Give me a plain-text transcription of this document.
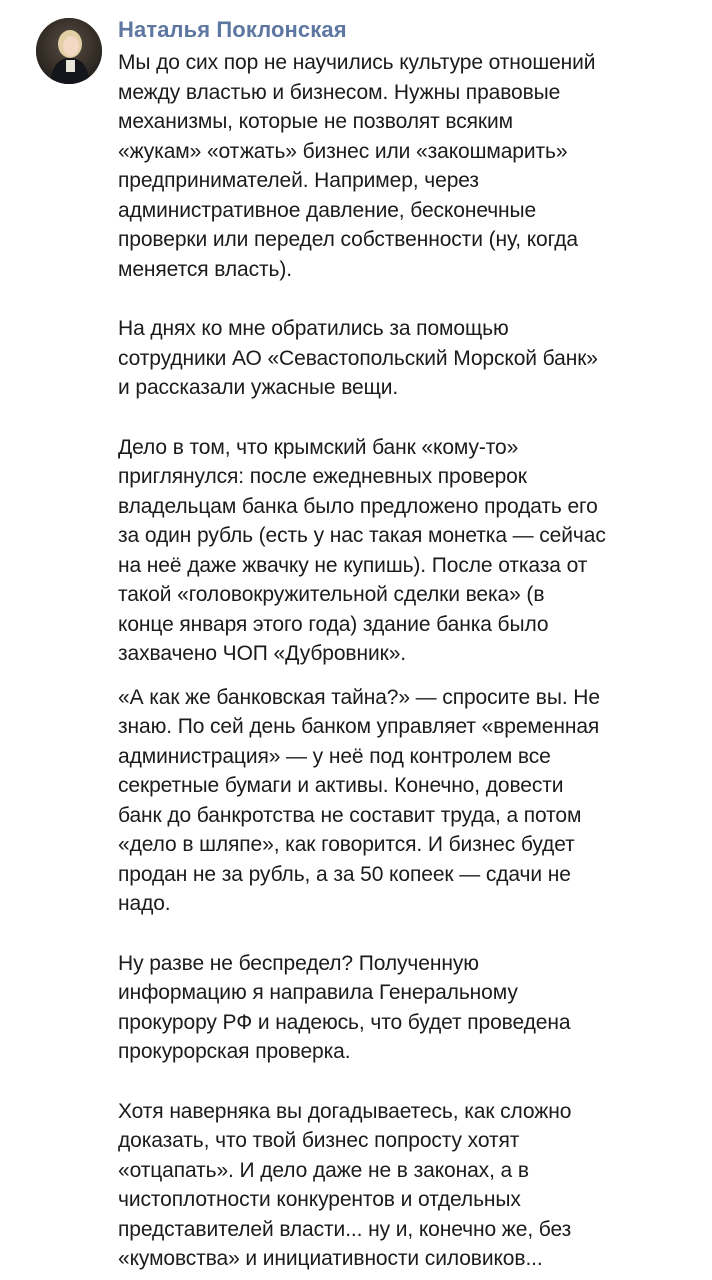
Наталья Поклонская

Мы до сих пор не научились культуре отношений
между властью и бизнесом. Нужны правовые
механизмы, которые не позволят всяким
«жукам» «отжать» бизнес или «закошмарить»
предпринимателей. Например, через
административное давление, бесконечные
проверки или передел собственности (ну, когда
меняется власть).

На днях ко мне обратились за помощью
сотрудники АО «Севастопольский Морской банк»
и рассказали ужасные вещи.

Дело в том, что крымский банк «кому-то»
приглянулся: после ежедневных проверок
владельцам банка было предложено продать его
за один рубль (есть у нас такая монетка — сейчас
на неё даже жвачку не купишь). После отказа от
такой «головокружительной сделки века» (в
конце января этого года) здание банка было
захвачено ЧОП «Дубровник».

«А как же банковская тайна?» — спросите вы. Не
знаю. По сей день банком управляет «временная
администрация» — у неё под контролем все
секретные бумаги и активы. Конечно, довести
банк до банкротства не составит труда, а потом
«дело в шляпе», как говорится. И бизнес будет
продан не за рубль, а за 50 копеек — сдачи не
надо.

Ну разве не беспредел? Полученную
информацию я направила Генеральному
прокурору РФ и надеюсь, что будет проведена
прокурорская проверка.

Хотя наверняка вы догадываетесь, как сложно
доказать, что твой бизнес попросту хотят
«отцапать». И дело даже не в законах, а в
чистоплотности конкурентов и отдельных
представителей власти... ну и, конечно же, без
«кумовства» и инициативности силовиков...
